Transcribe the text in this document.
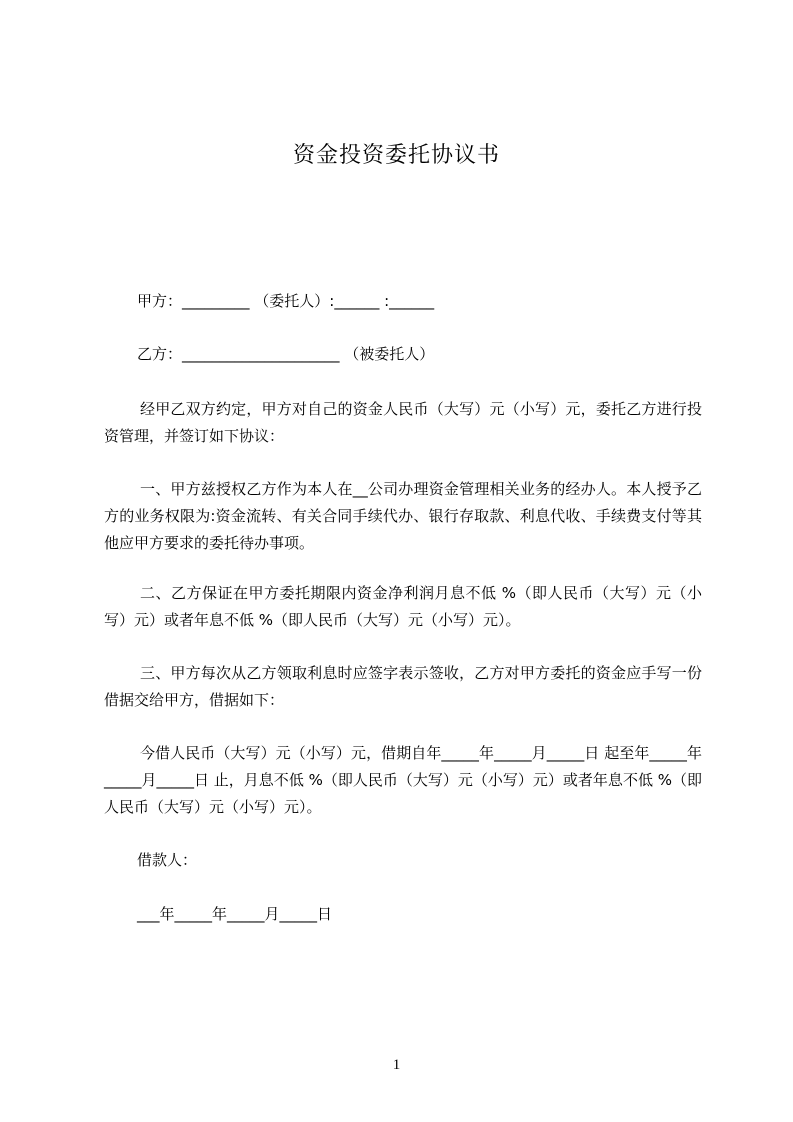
资金投资委托协议书
甲方：_________ （委托人）:______ :______
乙方：_____________________ （被委托人）

经甲乙双方约定，甲方对自己的资金人民币（大写）元（小写）元，委托乙方进行投资管理，并签订如下协议：

一、甲方兹授权乙方作为本人在__公司办理资金管理相关业务的经办人。本人授予乙方的业务权限为:资金流转、有关合同手续代办、银行存取款、利息代收、手续费支付等其他应甲方要求的委托待办事项。

二、乙方保证在甲方委托期限内资金净利润月息不低 %（即人民币（大写）元（小写）元）或者年息不低 %（即人民币（大写）元（小写）元）。

三、甲方每次从乙方领取利息时应签字表示签收，乙方对甲方委托的资金应手写一份借据交给甲方，借据如下：

今借人民币（大写）元（小写）元，借期自年_____年_____月_____日 起至年_____年_____月_____日 止，月息不低 %（即人民币（大写）元（小写）元）或者年息不低 %（即人民币（大写）元（小写）元）。

借款人：
___年_____年_____月_____日
1
